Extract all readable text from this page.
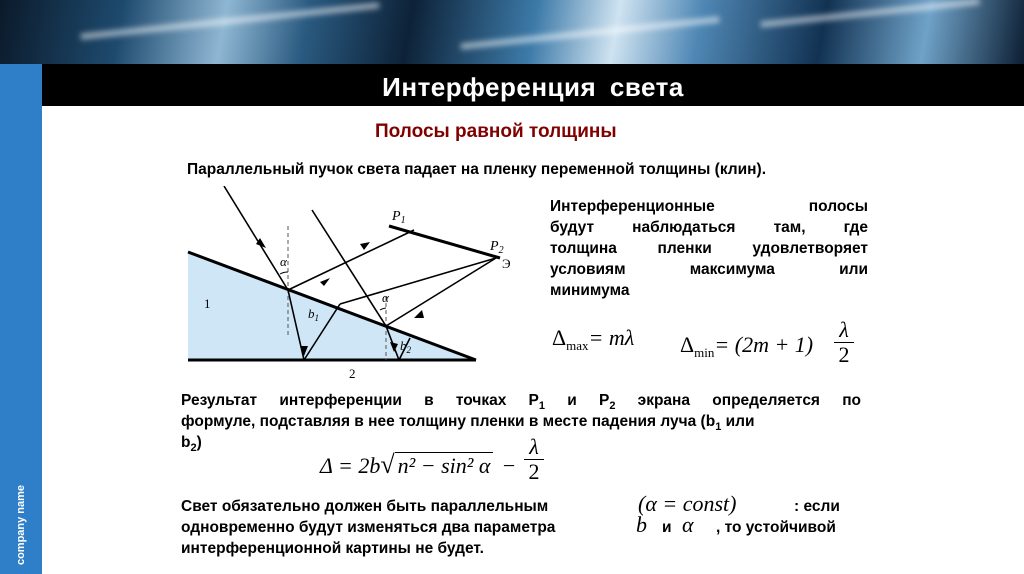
Интерференция света
company name
Полосы равной толщины
Параллельный пучок света падает на пленку переменной толщины (клин).
$P_1$
$P_2$
Э
α
α
$b_1$
$b_2$
1
2
Интерференционные полосы
будут наблюдаться там, где
толщина пленки удовлетворяет
условиям максимума или
минимума
$\Delta_{max}= m\lambda$ $\Delta_{min}= (2m + 1)$
λ
2
Результат интерференции в точках $Р_1$ и $Р_2$ экрана определяется по
формуле, подставляя в нее толщину пленки в месте падения луча ($b_1$ или
$b_2$)
Δ = 2b√ n² − sin² α −
λ
2
Свет обязательно должен быть параллельным	(α = const)	: если
одновременно будут изменяться два параметра	b и α , то устойчивой
интерференционной картины не будет.
